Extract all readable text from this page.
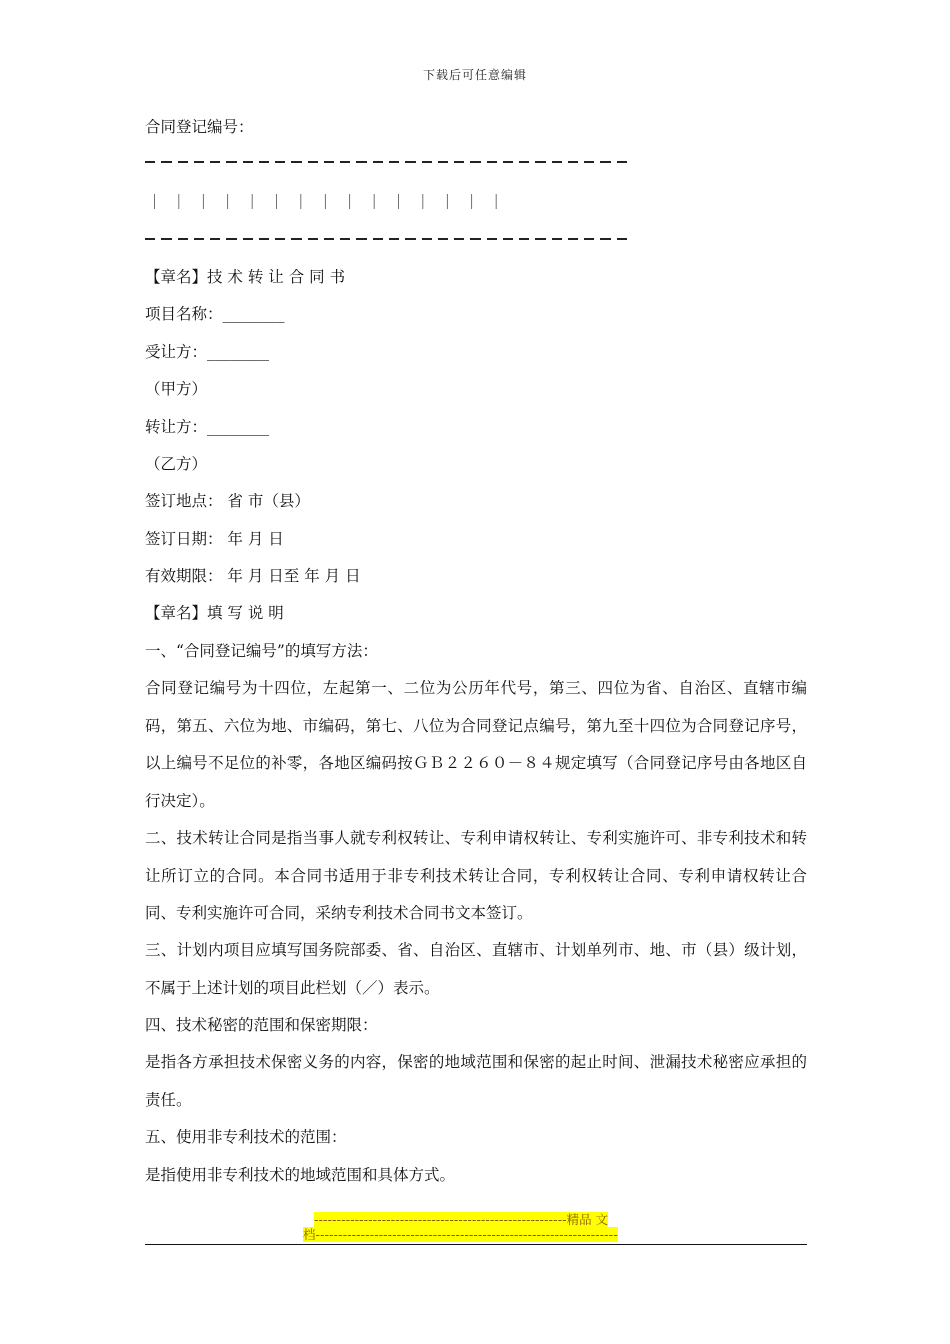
下载后可任意编辑
合同登记编号：
｜｜｜｜｜｜｜｜｜｜｜｜｜｜｜
【章名】技 术 转 让 合 同 书
项目名称：________
受让方：________
（甲方）
转让方：________
（乙方）
签订地点： 省 市（县）
签订日期： 年 月 日
有效期限： 年 月 日至 年 月 日
【章名】填 写 说 明
一、“合同登记编号”的填写方法：
合同登记编号为十四位，左起第一、二位为公历年代号，第三、四位为省、自治区、直辖市编码，第五、六位为地、市编码，第七、八位为合同登记点编号，第九至十四位为合同登记序号，以上编号不足位的补零，各地区编码按ＧＢ２２６０－８４规定填写（合同登记序号由各地区自行决定）。
二、技术转让合同是指当事人就专利权转让、专利申请权转让、专利实施许可、非专利技术和转让所订立的合同。本合同书适用于非专利技术转让合同，专利权转让合同、专利申请权转让合同、专利实施许可合同，采纳专利技术合同书文本签订。
三、计划内项目应填写国务院部委、省、自治区、直辖市、计划单列市、地、市（县）级计划，不属于上述计划的项目此栏划（／）表示。
四、技术秘密的范围和保密期限：
是指各方承担技术保密义务的内容，保密的地域范围和保密的起止时间、泄漏技术秘密应承担的责任。
五、使用非专利技术的范围：
是指使用非专利技术的地域范围和具体方式。
--------------------------------------------------------精品 文
档-------------------------------------------------------------------
